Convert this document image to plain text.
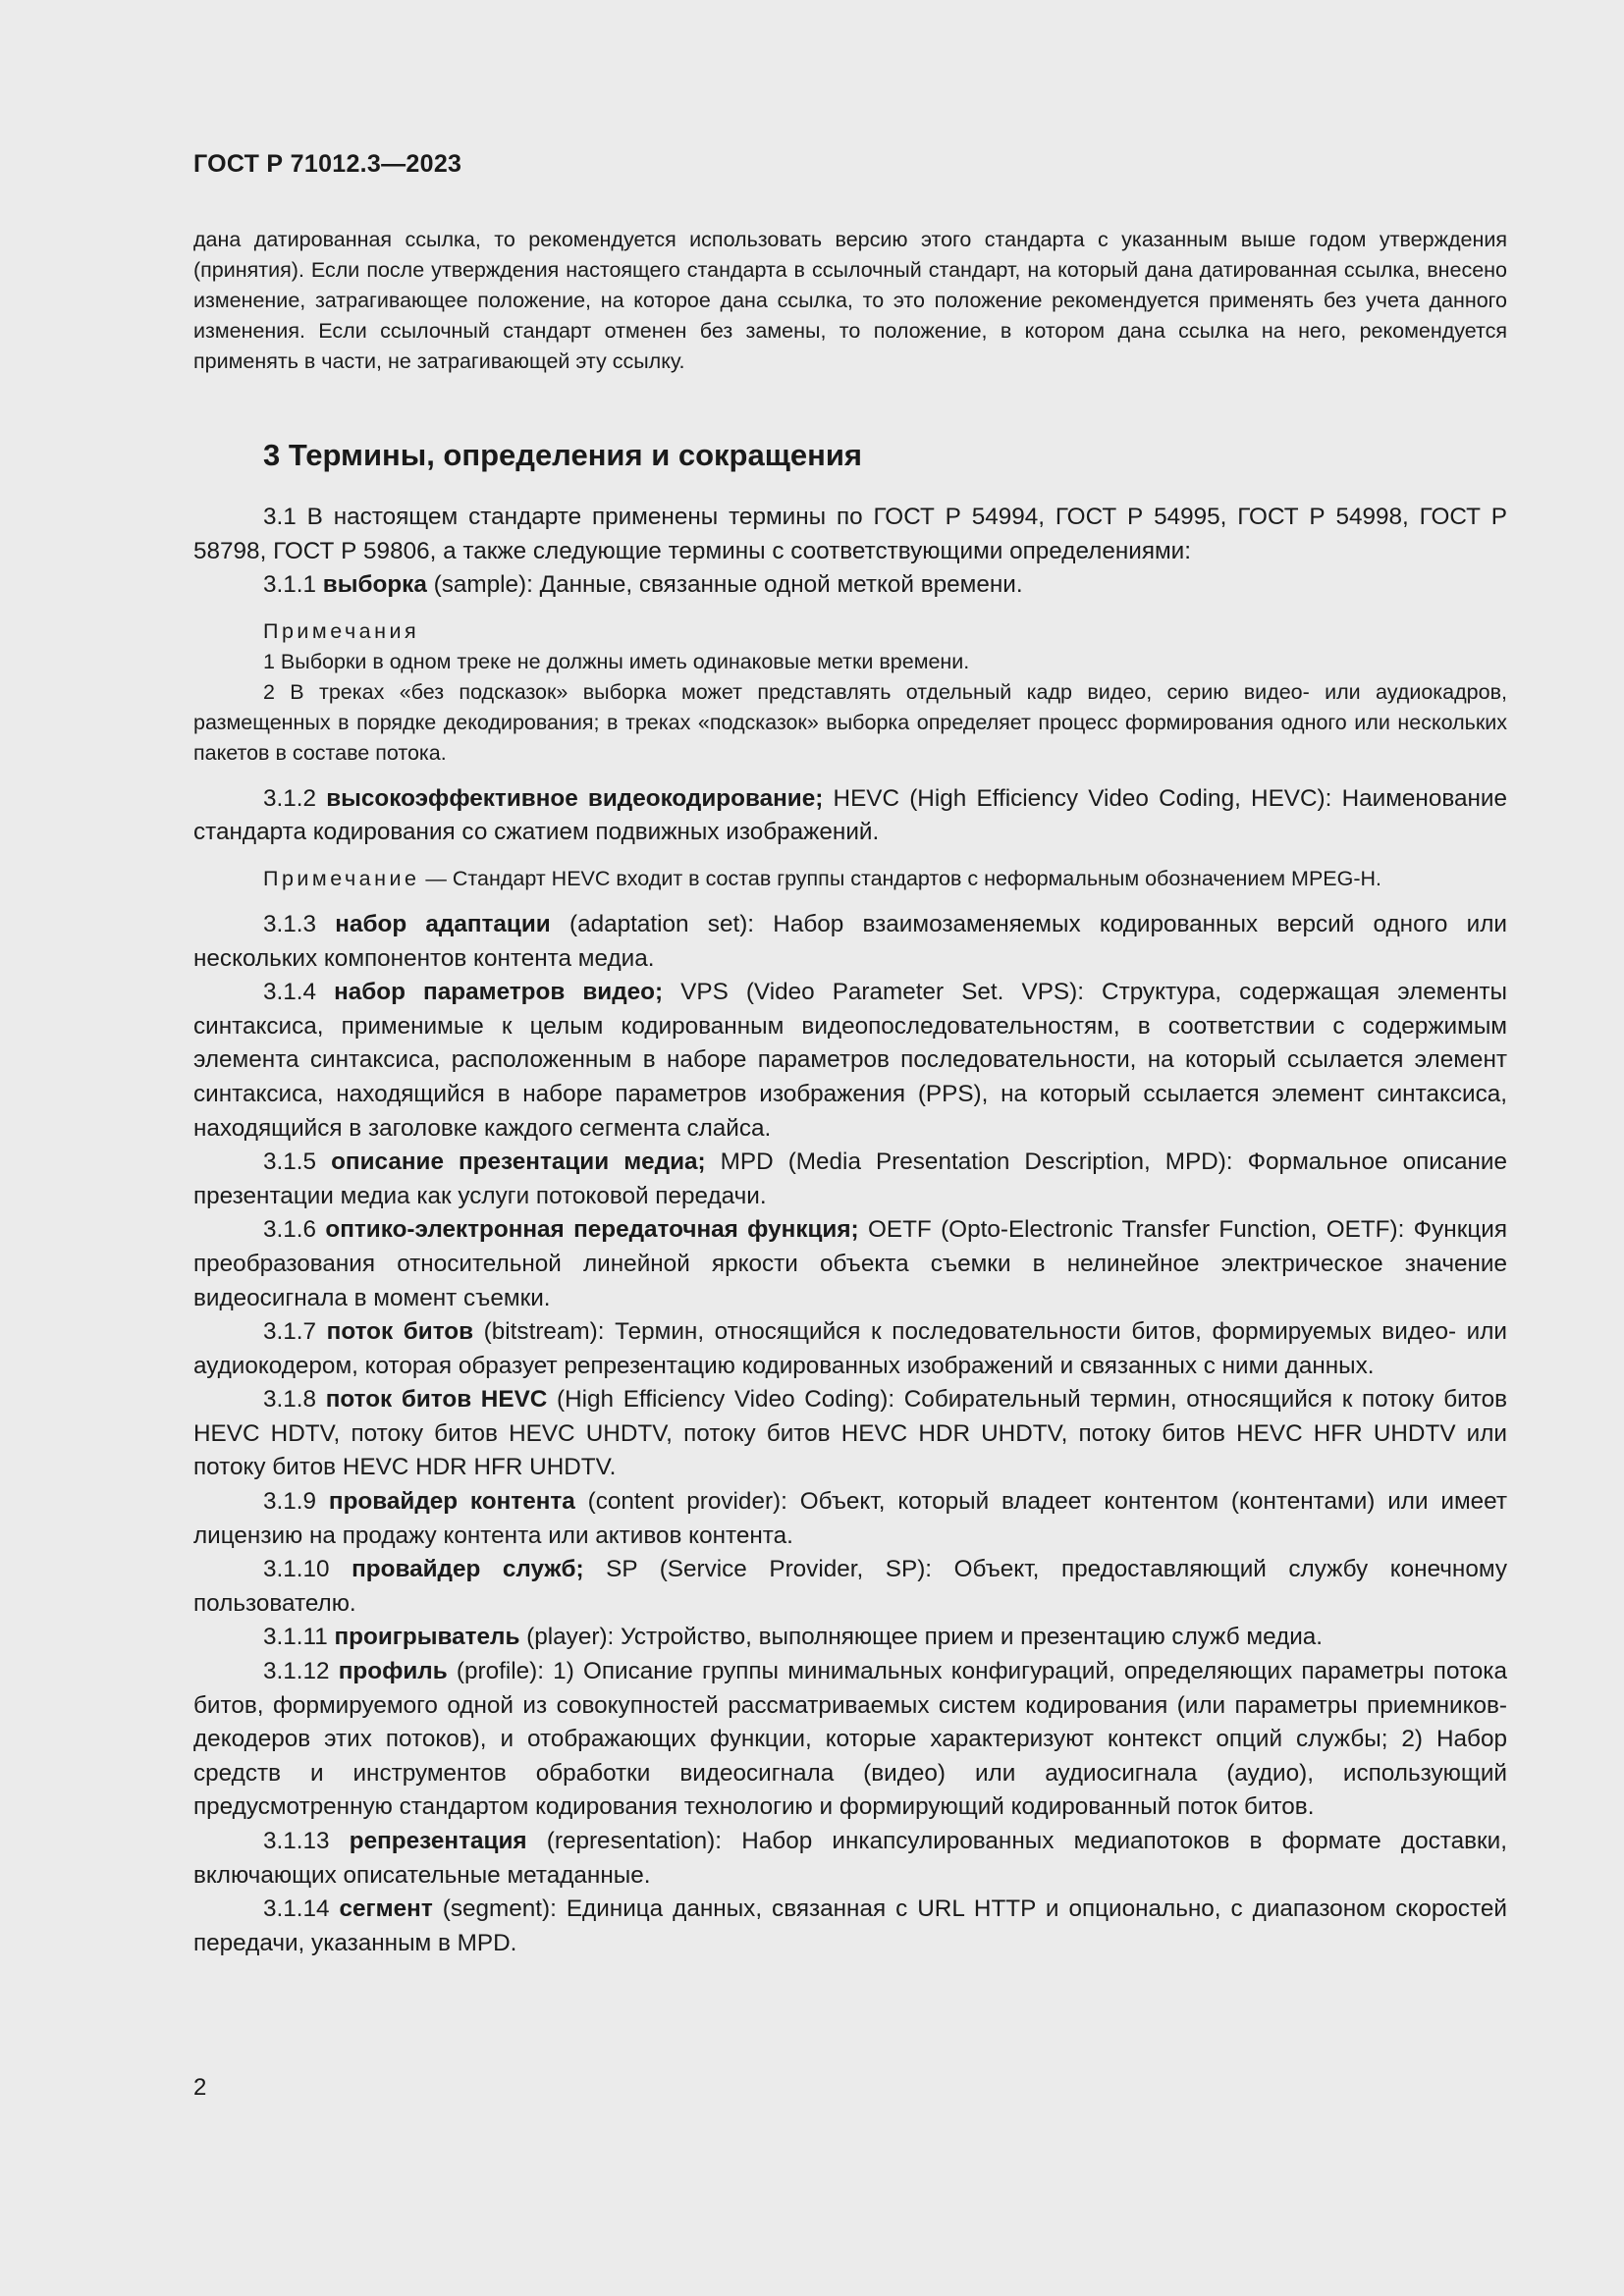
ГОСТ Р 71012.3—2023
дана датированная ссылка, то рекомендуется использовать версию этого стандарта с указанным выше годом утверждения (принятия). Если после утверждения настоящего стандарта в ссылочный стандарт, на который дана датированная ссылка, внесено изменение, затрагивающее положение, на которое дана ссылка, то это положение рекомендуется применять без учета данного изменения. Если ссылочный стандарт отменен без замены, то положение, в котором дана ссылка на него, рекомендуется применять в части, не затрагивающей эту ссылку.
3 Термины, определения и сокращения

3.1 В настоящем стандарте применены термины по ГОСТ Р 54994, ГОСТ Р 54995, ГОСТ Р 54998, ГОСТ Р 58798, ГОСТ Р 59806, а также следующие термины с соответствующими определениями:

3.1.1 выборка (sample): Данные, связанные одной меткой времени.

Примечания

1 Выборки в одном треке не должны иметь одинаковые метки времени.

2 В треках «без подсказок» выборка может представлять отдельный кадр видео, серию видео- или аудиокадров, размещенных в порядке декодирования; в треках «подсказок» выборка определяет процесс формирования одного или нескольких пакетов в составе потока.

3.1.2 высокоэффективное видеокодирование; HEVC (High Efficiency Video Coding, HEVC): Наименование стандарта кодирования со сжатием подвижных изображений.

Примечание — Стандарт HEVC входит в состав группы стандартов с неформальным обозначением MPEG-H.

3.1.3 набор адаптации (adaptation set): Набор взаимозаменяемых кодированных версий одного или нескольких компонентов контента медиа.

3.1.4 набор параметров видео; VPS (Video Parameter Set. VPS): Структура, содержащая элементы синтаксиса, применимые к целым кодированным видеопоследовательностям, в соответствии с содержимым элемента синтаксиса, расположенным в наборе параметров последовательности, на который ссылается элемент синтаксиса, находящийся в наборе параметров изображения (PPS), на который ссылается элемент синтаксиса, находящийся в заголовке каждого сегмента слайса.

3.1.5 описание презентации медиа; MPD (Media Presentation Description, MPD): Формальное описание презентации медиа как услуги потоковой передачи.

3.1.6 оптико-электронная передаточная функция; OETF (Opto-Electronic Transfer Function, OETF): Функция преобразования относительной линейной яркости объекта съемки в нелинейное электрическое значение видеосигнала в момент съемки.

3.1.7 поток битов (bitstream): Термин, относящийся к последовательности битов, формируемых видео- или аудиокодером, которая образует репрезентацию кодированных изображений и связанных с ними данных.

3.1.8 поток битов HEVC (High Efficiency Video Coding): Собирательный термин, относящийся к потоку битов HEVC HDTV, потоку битов HEVC UHDTV, потоку битов HEVC HDR UHDTV, потоку битов HEVC HFR UHDTV или потоку битов HEVC HDR HFR UHDTV.

3.1.9 провайдер контента (content provider): Объект, который владеет контентом (контентами) или имеет лицензию на продажу контента или активов контента.

3.1.10 провайдер служб; SP (Service Provider, SP): Объект, предоставляющий службу конечному пользователю.

3.1.11 проигрыватель (player): Устройство, выполняющее прием и презентацию служб медиа.

3.1.12 профиль (profile): 1) Описание группы минимальных конфигураций, определяющих параметры потока битов, формируемого одной из совокупностей рассматриваемых систем кодирования (или параметры приемников-декодеров этих потоков), и отображающих функции, которые характеризуют контекст опций службы; 2) Набор средств и инструментов обработки видеосигнала (видео) или аудиосигнала (аудио), использующий предусмотренную стандартом кодирования технологию и формирующий кодированный поток битов.

3.1.13 репрезентация (representation): Набор инкапсулированных медиапотоков в формате доставки, включающих описательные метаданные.

3.1.14 сегмент (segment): Единица данных, связанная с URL HTTP и опционально, с диапазоном скоростей передачи, указанным в MPD.

2
